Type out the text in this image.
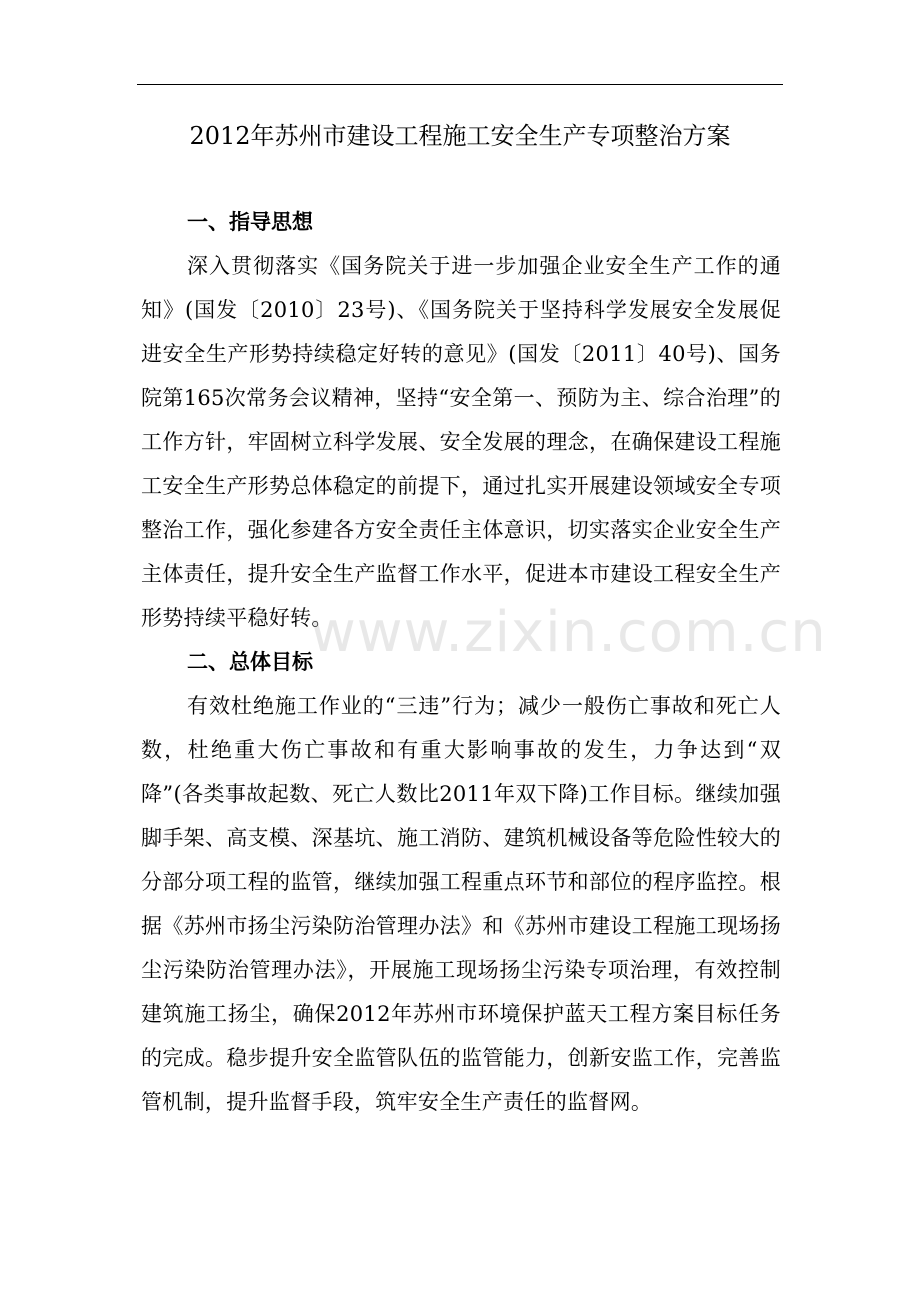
2012年苏州市建设工程施工安全生产专项整治方案

一、指导思想

深入贯彻落实《国务院关于进一步加强企业安全生产工作的通知》(国发〔2010〕23号)、《国务院关于坚持科学发展安全发展促进安全生产形势持续稳定好转的意见》(国发〔2011〕40号)、国务院第165次常务会议精神，坚持“安全第一、预防为主、综合治理”的工作方针，牢固树立科学发展、安全发展的理念，在确保建设工程施工安全生产形势总体稳定的前提下，通过扎实开展建设领域安全专项整治工作，强化参建各方安全责任主体意识，切实落实企业安全生产主体责任，提升安全生产监督工作水平，促进本市建设工程安全生产形势持续平稳好转。

二、总体目标

有效杜绝施工作业的“三违”行为；减少一般伤亡事故和死亡人数，杜绝重大伤亡事故和有重大影响事故的发生，力争达到“双降”(各类事故起数、死亡人数比2011年双下降)工作目标。继续加强脚手架、高支模、深基坑、施工消防、建筑机械设备等危险性较大的分部分项工程的监管，继续加强工程重点环节和部位的程序监控。根据《苏州市扬尘污染防治管理办法》和《苏州市建设工程施工现场扬尘污染防治管理办法》，开展施工现场扬尘污染专项治理，有效控制建筑施工扬尘，确保2012年苏州市环境保护蓝天工程方案目标任务的完成。稳步提升安全监管队伍的监管能力，创新安监工作，完善监管机制，提升监督手段，筑牢安全生产责任的监督网。

www.zixin.com.cn
